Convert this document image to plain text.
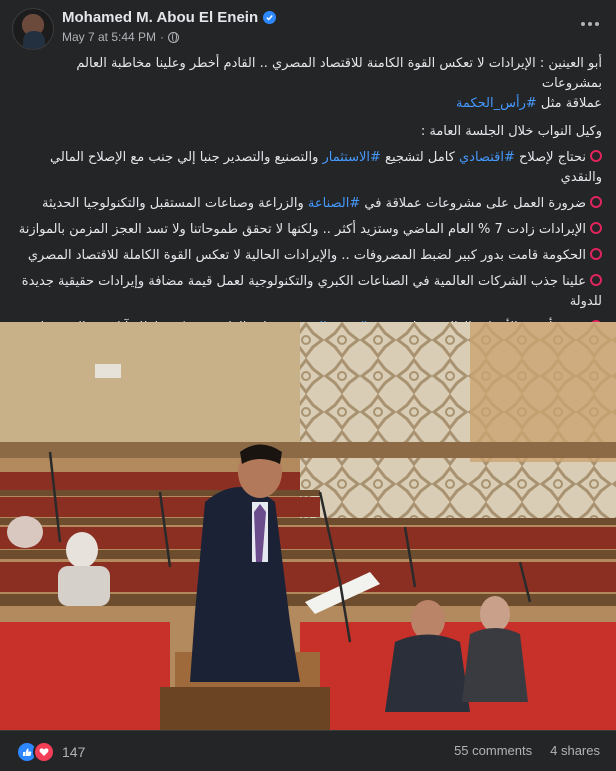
Mohamed M. Abou El Enein
May 7 at 5:44 PM ·

أبو العينين : الإيرادات لا تعكس القوة الكامنة للاقتصاد المصري .. القادم أخطر وعلينا مخاطبة العالم بمشروعات

عملاقة مثل #رأس_الحكمة

وكيل النواب خلال الجلسة العامة :

نحتاج لإصلاح #اقتصادي كامل لتشجيع #الاستثمار والتصنيع والتصدير جنبا إلي جنب مع الإصلاح المالي والنقدي
ضرورة العمل على مشروعات عملاقة في #الصناعة والزراعة وصناعات المستقبل والتكنولوجيا الحديثة
الإيرادات زادت 7 % العام الماضي وستزيد أكثر .. ولكنها لا تحقق طموحاتنا ولا تسد العجز المزمن بالموازنة
الحكومة قامت بدور كبير لضبط المصروفات .. والإيرادات الحالية لا تعكس القوة الكاملة للاقتصاد المصري
علينا جذب الشركات العالمية في الصناعات الكبري والتكنولوجية لعمل قيمة مضافة وإيرادات حقيقية جديدة للدولة

147	55 comments 4 shares
